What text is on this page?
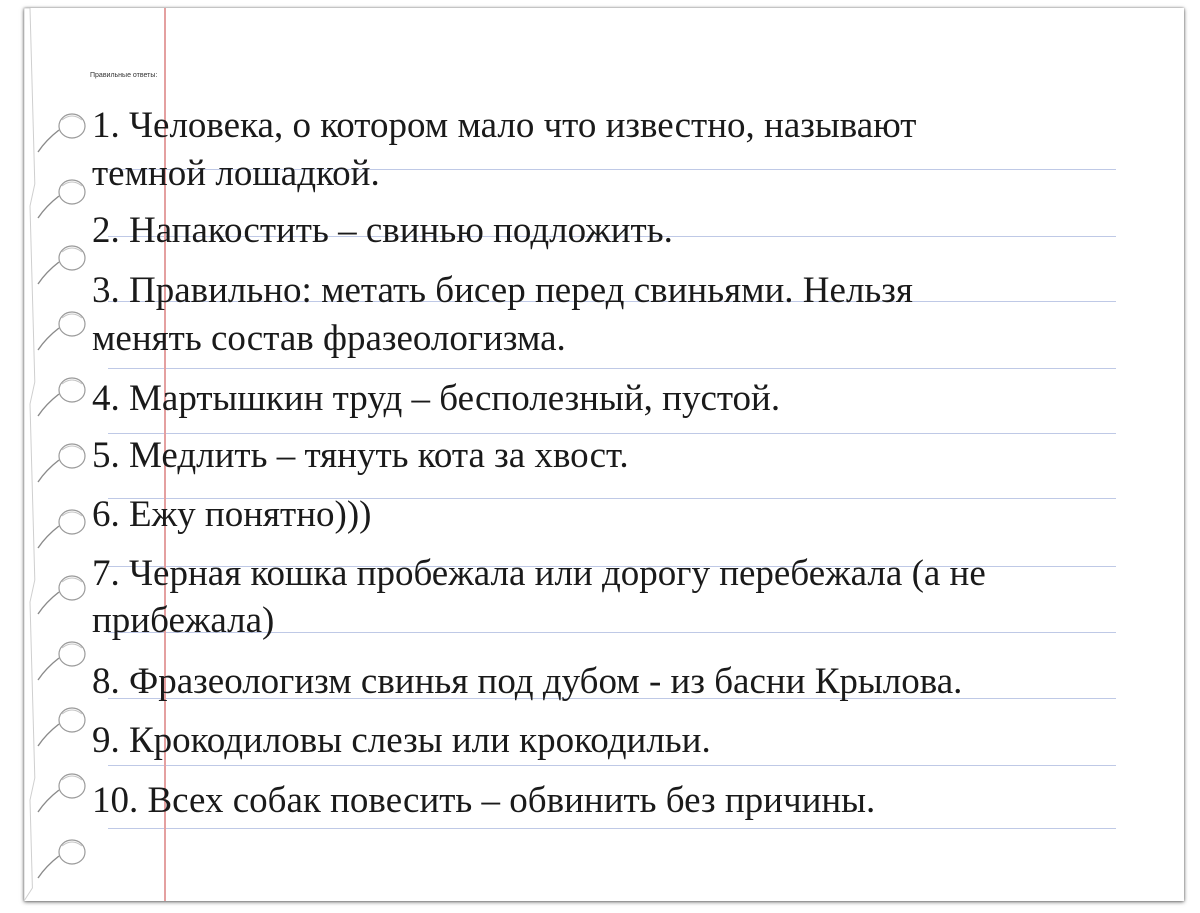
Правильные ответы:
1. Человека, о котором мало что известно, называют
темной лошадкой.
2. Напакостить – свинью подложить.
3. Правильно: метать бисер перед свиньями. Нельзя
менять состав фразеологизма.
4. Мартышкин труд – бесполезный, пустой.
5. Медлить – тянуть кота за хвост.
6. Ежу понятно)))
7. Черная кошка пробежала или дорогу перебежала (а не
прибежала)
8. Фразеологизм свинья под дубом - из басни Крылова.
9. Крокодиловы слезы или крокодильи.
10. Всех собак повесить – обвинить без причины.
